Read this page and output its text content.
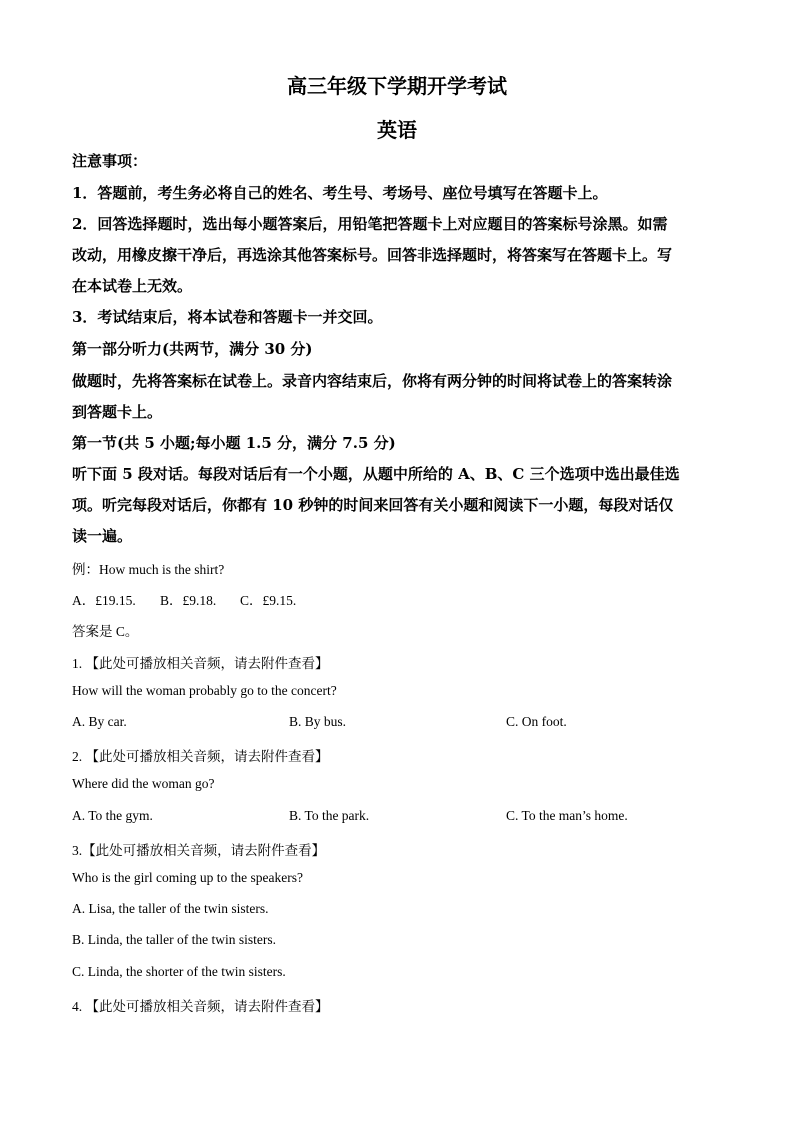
高三年级下学期开学考试
英语
注意事项：
1．答题前，考生务必将自己的姓名、考生号、考场号、座位号填写在答题卡上。
2．回答选择题时，选出每小题答案后，用铅笔把答题卡上对应题目的答案标号涂黑。如需
改动，用橡皮擦干净后，再选涂其他答案标号。回答非选择题时，将答案写在答题卡上。写
在本试卷上无效。
3．考试结束后，将本试卷和答题卡一并交回。
第一部分听力(共两节，满分 30 分)
做题时，先将答案标在试卷上。录音内容结束后，你将有两分钟的时间将试卷上的答案转涂
到答题卡上。
第一节(共 5 小题;每小题 1.5 分，满分 7.5 分)
听下面 5 段对话。每段对话后有一个小题，从题中所给的 A、B、C 三个选项中选出最佳选
项。听完每段对话后，你都有 10 秒钟的时间来回答有关小题和阅读下一小题，每段对话仅
读一遍。
例：How much is the shirt?
A．£19.15. B．£9.18. C．£9.15.
答案是 C。
1. 【此处可播放相关音频，请去附件查看】
How will the woman probably go to the concert?
A. By car.	B. By bus.	C. On foot.
2. 【此处可播放相关音频，请去附件查看】
Where did the woman go?
A. To the gym.	B. To the park.	C. To the man’s home.
3.【此处可播放相关音频，请去附件查看】
Who is the girl coming up to the speakers?
A. Lisa, the taller of the twin sisters.
B. Linda, the taller of the twin sisters.
C. Linda, the shorter of the twin sisters.
4. 【此处可播放相关音频，请去附件查看】
